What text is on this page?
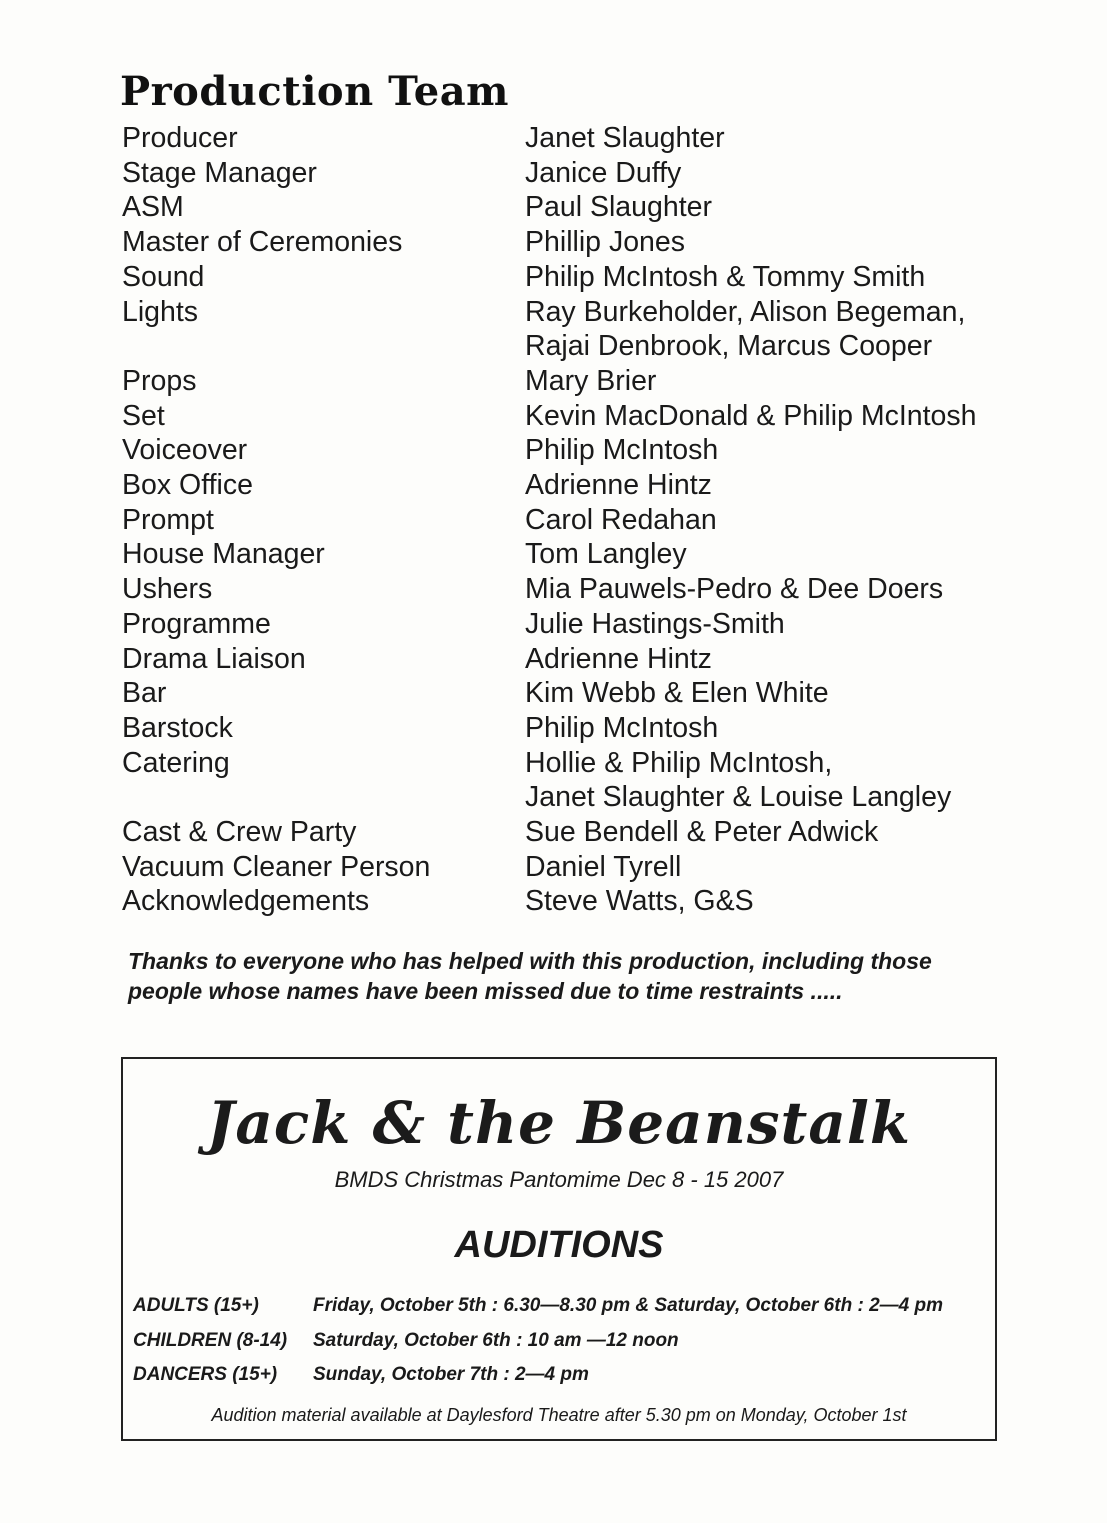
Production Team
Producer	Janet Slaughter
Stage Manager	Janice Duffy
ASM	Paul Slaughter
Master of Ceremonies	Phillip Jones
Sound	Philip McIntosh & Tommy Smith
Lights	Ray Burkeholder, Alison Begeman,
Rajai Denbrook, Marcus Cooper
Props	Mary Brier
Set	Kevin MacDonald & Philip McIntosh
Voiceover	Philip McIntosh
Box Office	Adrienne Hintz
Prompt	Carol Redahan
House Manager	Tom Langley
Ushers	Mia Pauwels-Pedro & Dee Doers
Programme	Julie Hastings-Smith
Drama Liaison	Adrienne Hintz
Bar	Kim Webb & Elen White
Barstock	Philip McIntosh
Catering	Hollie & Philip McIntosh,
Janet Slaughter & Louise Langley
Cast & Crew Party	Sue Bendell & Peter Adwick
Vacuum Cleaner Person	Daniel Tyrell
Acknowledgements	Steve Watts, G&S
Thanks to everyone who has helped with this production, including those
people whose names have been missed due to time restraints .....
Jack & the Beanstalk
BMDS Christmas Pantomime Dec 8 - 15 2007
AUDITIONS
ADULTS (15+)	Friday, October 5th : 6.30—8.30 pm & Saturday, October 6th : 2—4 pm
CHILDREN (8-14)	Saturday, October 6th : 10 am —12 noon
DANCERS (15+)	Sunday, October 7th : 2—4 pm
Audition material available at Daylesford Theatre after 5.30 pm on Monday, October 1st
